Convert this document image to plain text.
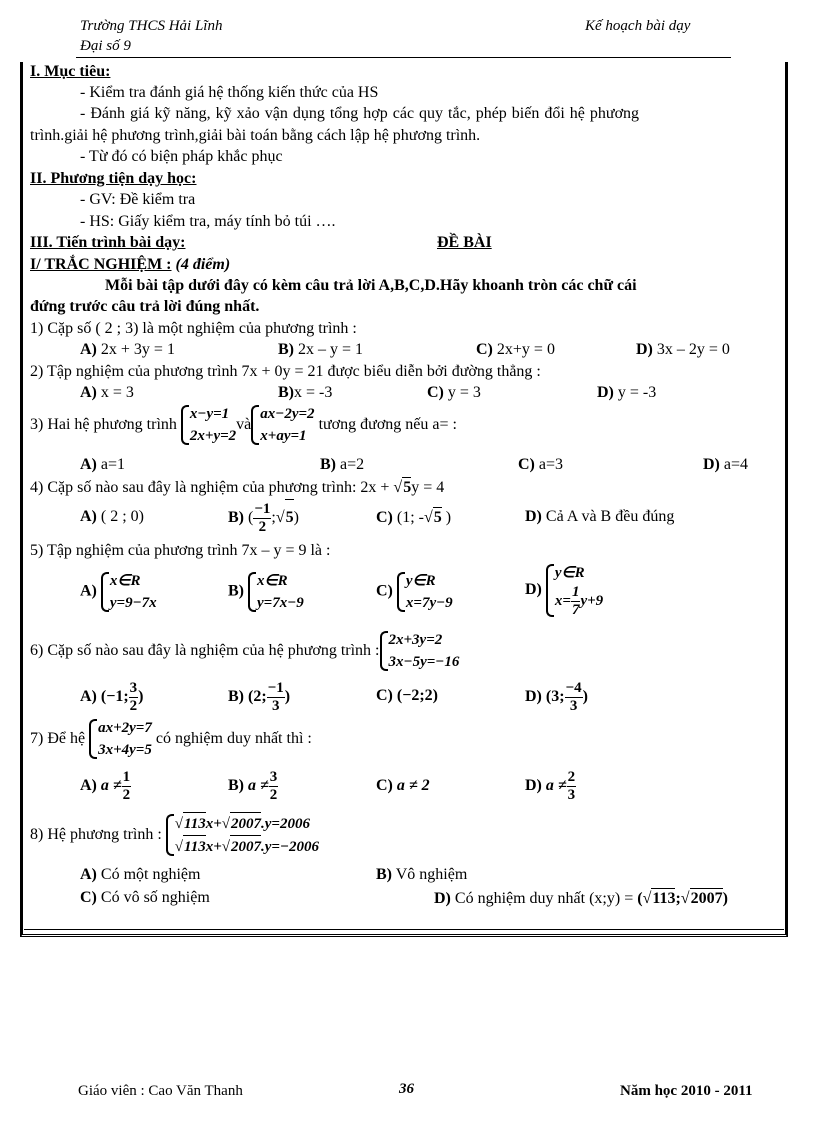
Trường THCS Hải Lĩnh
Đại số 9
Kế hoạch bài dạy
I. Mục tiêu:
- Kiểm tra đánh giá hệ thống kiến thức của HS
- Đánh giá kỹ năng, kỹ xảo vận dụng tổng hợp các quy tắc, phép biến đổi hệ phương
trình.giải hệ phương trình,giải bài toán bằng cách lập hệ phương trình.
- Từ đó có biện pháp khắc phục
II. Phương tiện dạy học:
- GV: Đề kiểm tra
- HS: Giấy kiểm tra, máy tính bỏ túi ….
III. Tiến trình bài dạy:	ĐỀ BÀI
I/ TRẮC NGHIỆM : (4 điểm)
Mỗi bài tập dưới đây có kèm câu trả lời A,B,C,D.Hãy khoanh tròn các chữ cái
đứng trước câu trả lời đúng nhất.
1) Cặp số ( 2 ; 3) là một nghiệm của phương trình :
A) 2x + 3y = 1	B) 2x – y = 1	C) 2x+y = 0	D) 3x – 2y = 0
2) Tập nghiệm của phương trình 7x + 0y = 21 được biểu diễn bởi đường thẳng :
A) x = 3	B)x = -3	C) y = 3	D) y = -3
3) Hai hệ phương trình
x−y=1
2x+y=2
và
ax−2y=2
x+ay=1
tương đương nếu a= :
A) a=1	B) a=2	C) a=3	D) a=4
4) Cặp số nào sau đây là nghiệm của phương trình: 2x + √5y = 4
A) ( 2 ; 0)	B) ( $\frac{-1}{2}$ ;√5)	C) (1; -√5 )	D) Cả A và B đều đúng
5) Tập nghiệm của phương trình 7x – y = 9 là :
A)
x∈R
y=9−7x
B)
x∈R
y=7x−9
C)
y∈R
x=7y−9
D)
y∈R
$x= \frac{1}{7} y+9$
6) Cặp số nào sau đây là nghiệm của hệ phương trình :
2x+3y=2
3x−5y=−16
A) (−1; $\frac{3}{2}$ )	B) (2; $\frac{-1}{3}$ )	C) (−2;2)	D) (3; $\frac{-4}{3}$ )
7) Để hệ
ax+2y=7
3x+4y=5
có nghiệm duy nhất thì :
A) $a \ne \frac{1}{2}$	B) $a \ne \frac{3}{2}$	C) a ≠ 2	D) $a \ne \frac{2}{3}$
8) Hệ phương trình :
√113x+√2007.y=2006
√113x+√2007.y=−2006
A) Có một nghiệm	B) Vô nghiệm
C) Có vô số nghiệm	D) Có nghiệm duy nhất (x;y) = (√113;√2007)
Giáo viên : Cao Văn Thanh	36	Năm học 2010 - 2011
